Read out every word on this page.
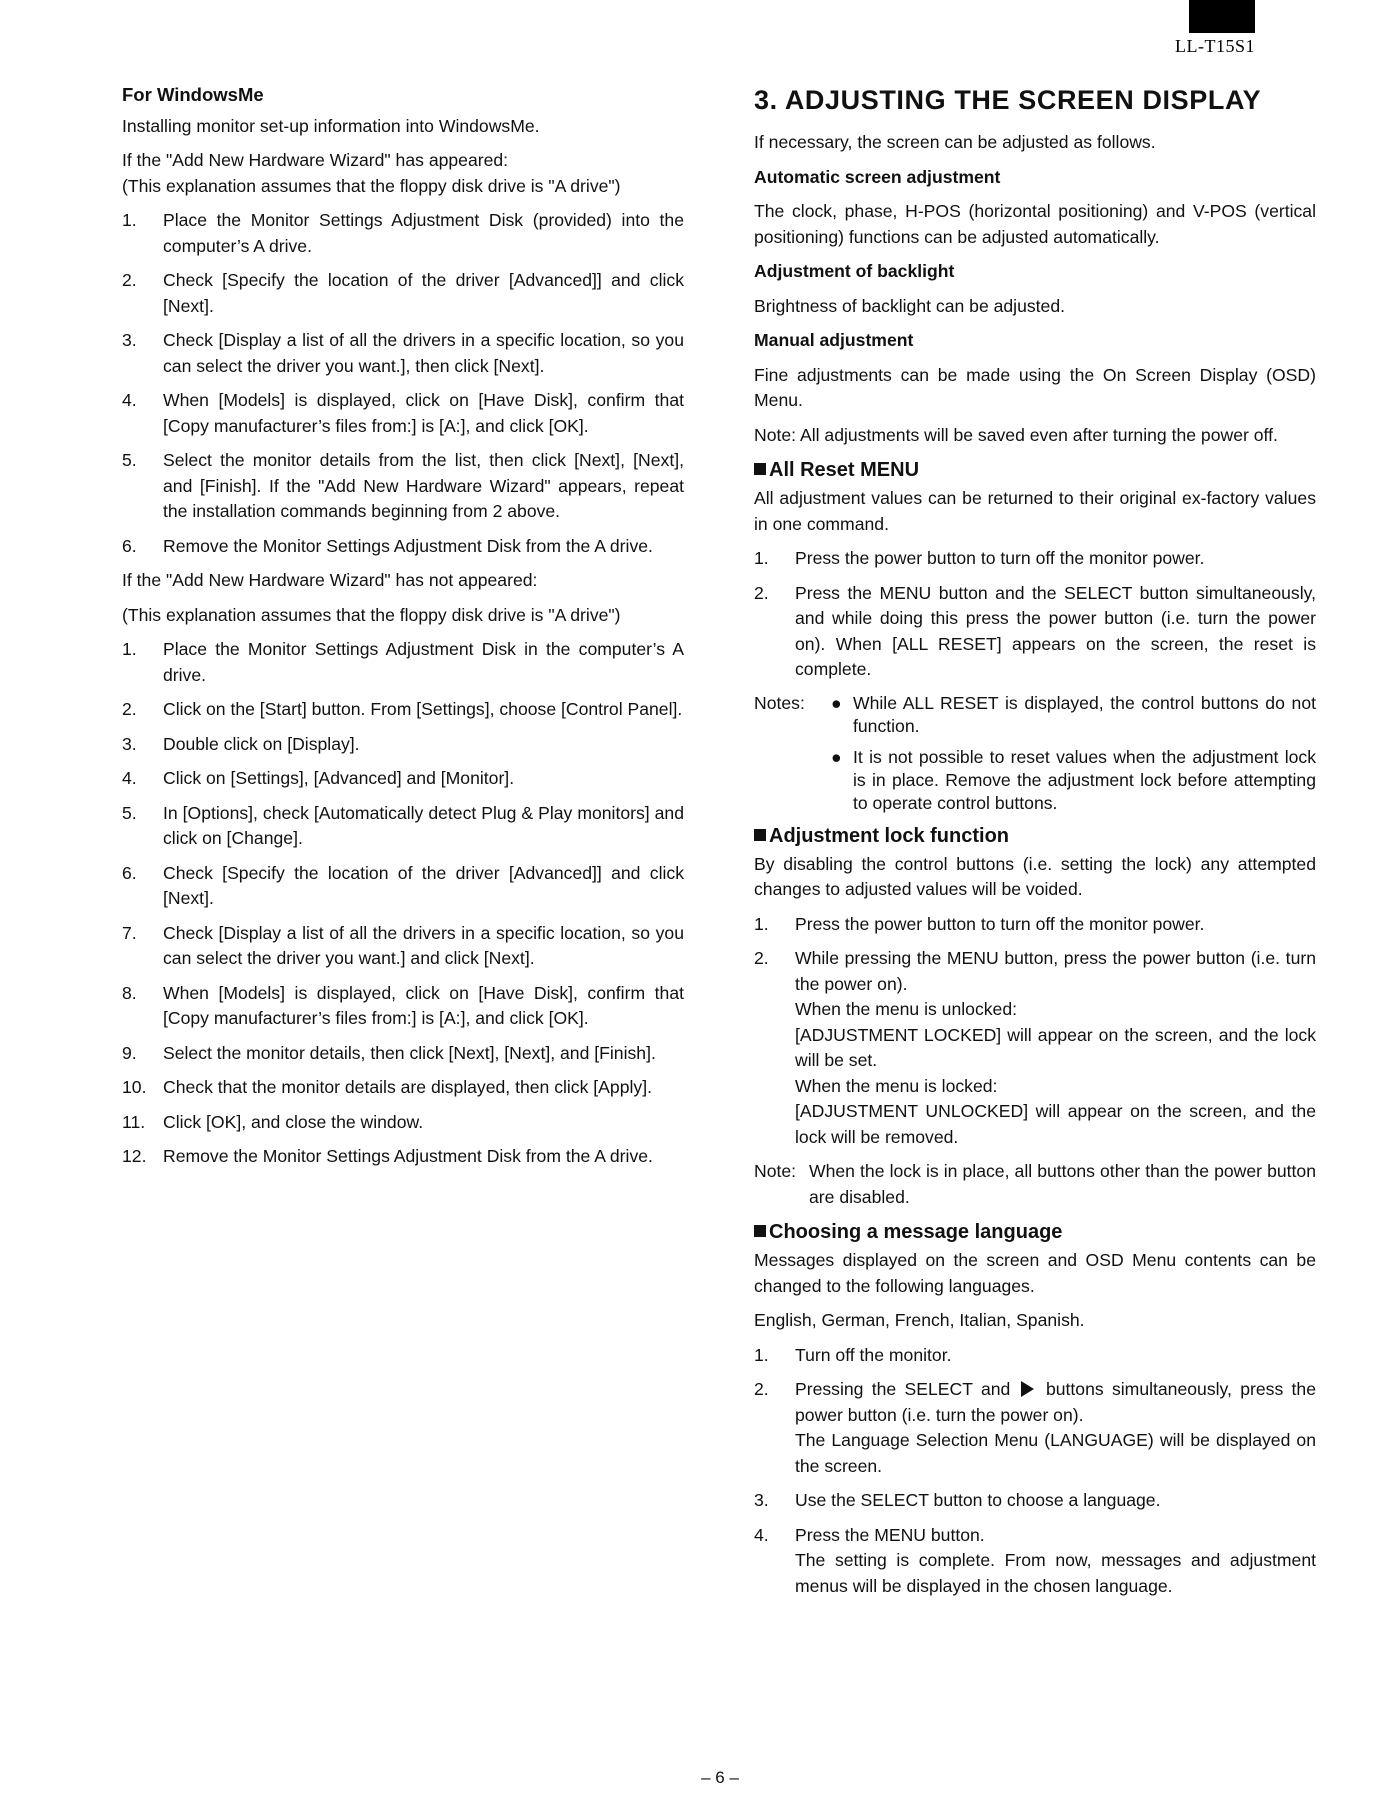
LL-T15S1
For WindowsMe

Installing monitor set-up information into WindowsMe.

If the "Add New Hardware Wizard" has appeared:

(This explanation assumes that the floppy disk drive is "A drive")

1. Place the Monitor Settings Adjustment Disk (provided) into the computer’s A drive.
2. Check [Specify the location of the driver [Advanced]] and click [Next].
3. Check [Display a list of all the drivers in a specific location, so you can select the driver you want.], then click [Next].
4. When [Models] is displayed, click on [Have Disk], confirm that [Copy manufacturer’s files from:] is [A:], and click [OK].
5. Select the monitor details from the list, then click [Next], [Next], and [Finish]. If the "Add New Hardware Wizard" appears, repeat the installation commands beginning from 2 above.
6. Remove the Monitor Settings Adjustment Disk from the A drive.

If the "Add New Hardware Wizard" has not appeared:

(This explanation assumes that the floppy disk drive is "A drive")

1. Place the Monitor Settings Adjustment Disk in the computer’s A drive.
2. Click on the [Start] button. From [Settings], choose [Control Panel].
3. Double click on [Display].
4. Click on [Settings], [Advanced] and [Monitor].
5. In [Options], check [Automatically detect Plug & Play monitors] and click on [Change].
6. Check [Specify the location of the driver [Advanced]] and click [Next].
7. Check [Display a list of all the drivers in a specific location, so you can select the driver you want.] and click [Next].
8. When [Models] is displayed, click on [Have Disk], confirm that [Copy manufacturer’s files from:] is [A:], and click [OK].
9. Select the monitor details, then click [Next], [Next], and [Finish].
10. Check that the monitor details are displayed, then click [Apply].
11. Click [OK], and close the window.
12. Remove the Monitor Settings Adjustment Disk from the A drive.
3. ADJUSTING THE SCREEN DISPLAY

If necessary, the screen can be adjusted as follows.

Automatic screen adjustment

The clock, phase, H-POS (horizontal positioning) and V-POS (vertical positioning) functions can be adjusted automatically.

Adjustment of backlight

Brightness of backlight can be adjusted.

Manual adjustment

Fine adjustments can be made using the On Screen Display (OSD) Menu.

Note: All adjustments will be saved even after turning the power off.

All Reset MENU

All adjustment values can be returned to their original ex-factory values in one command.

1. Press the power button to turn off the monitor power.
2. Press the MENU button and the SELECT button simultaneously, and while doing this press the power button (i.e. turn the power on). When [ALL RESET] appears on the screen, the reset is complete.
Notes: ● While ALL RESET is displayed, the control buttons do not function.
● It is not possible to reset values when the adjustment lock is in place. Remove the adjustment lock before attempting to operate control buttons.
Adjustment lock function

By disabling the control buttons (i.e. setting the lock) any attempted changes to adjusted values will be voided.

1. Press the power button to turn off the monitor power.
2. While pressing the MENU button, press the power button (i.e. turn the power on).
When the menu is unlocked:
[ADJUSTMENT LOCKED] will appear on the screen, and the lock will be set.
When the menu is locked:
[ADJUSTMENT UNLOCKED] will appear on the screen, and the lock will be removed.
Note: When the lock is in place, all buttons other than the power button are disabled.
Choosing a message language

Messages displayed on the screen and OSD Menu contents can be changed to the following languages.

English, German, French, Italian, Spanish.

1. Turn off the monitor.
2. Pressing the SELECT and buttons simultaneously, press the power button (i.e. turn the power on).
The Language Selection Menu (LANGUAGE) will be displayed on the screen.
3. Use the SELECT button to choose a language.
4. Press the MENU button.
The setting is complete. From now, messages and adjustment menus will be displayed in the chosen language.
– 6 –
